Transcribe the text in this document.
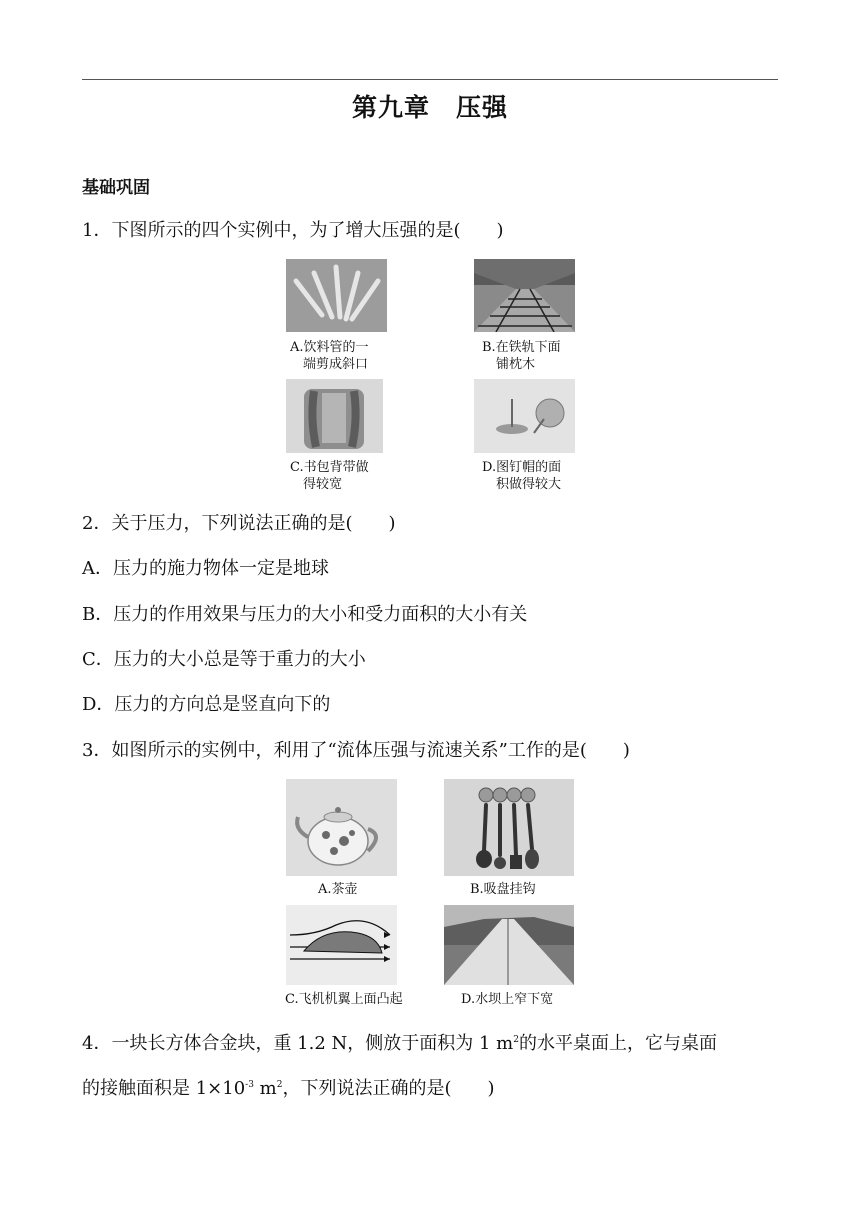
第九章　压强
基础巩固
1．下图所示的四个实例中，为了增大压强的是(　　)
A.饮料管的一
端剪成斜口
B.在铁轨下面
铺枕木
C.书包背带做
得较宽
D.图钉帽的面
积做得较大
2．关于压力，下列说法正确的是(　　)
A．压力的施力物体一定是地球
B．压力的作用效果与压力的大小和受力面积的大小有关
C．压力的大小总是等于重力的大小
D．压力的方向总是竖直向下的
3．如图所示的实例中，利用了“流体压强与流速关系”工作的是(　　)
A.茶壶	B.吸盘挂钩
C.飞机机翼上面凸起	D.水坝上窄下宽
4．一块长方体合金块，重 1.2 N，侧放于面积为 1 $m^2$的水平桌面上，它与桌面
的接触面积是 $1\times 10^{-3}$ $m^2$，下列说法正确的是(　　)
